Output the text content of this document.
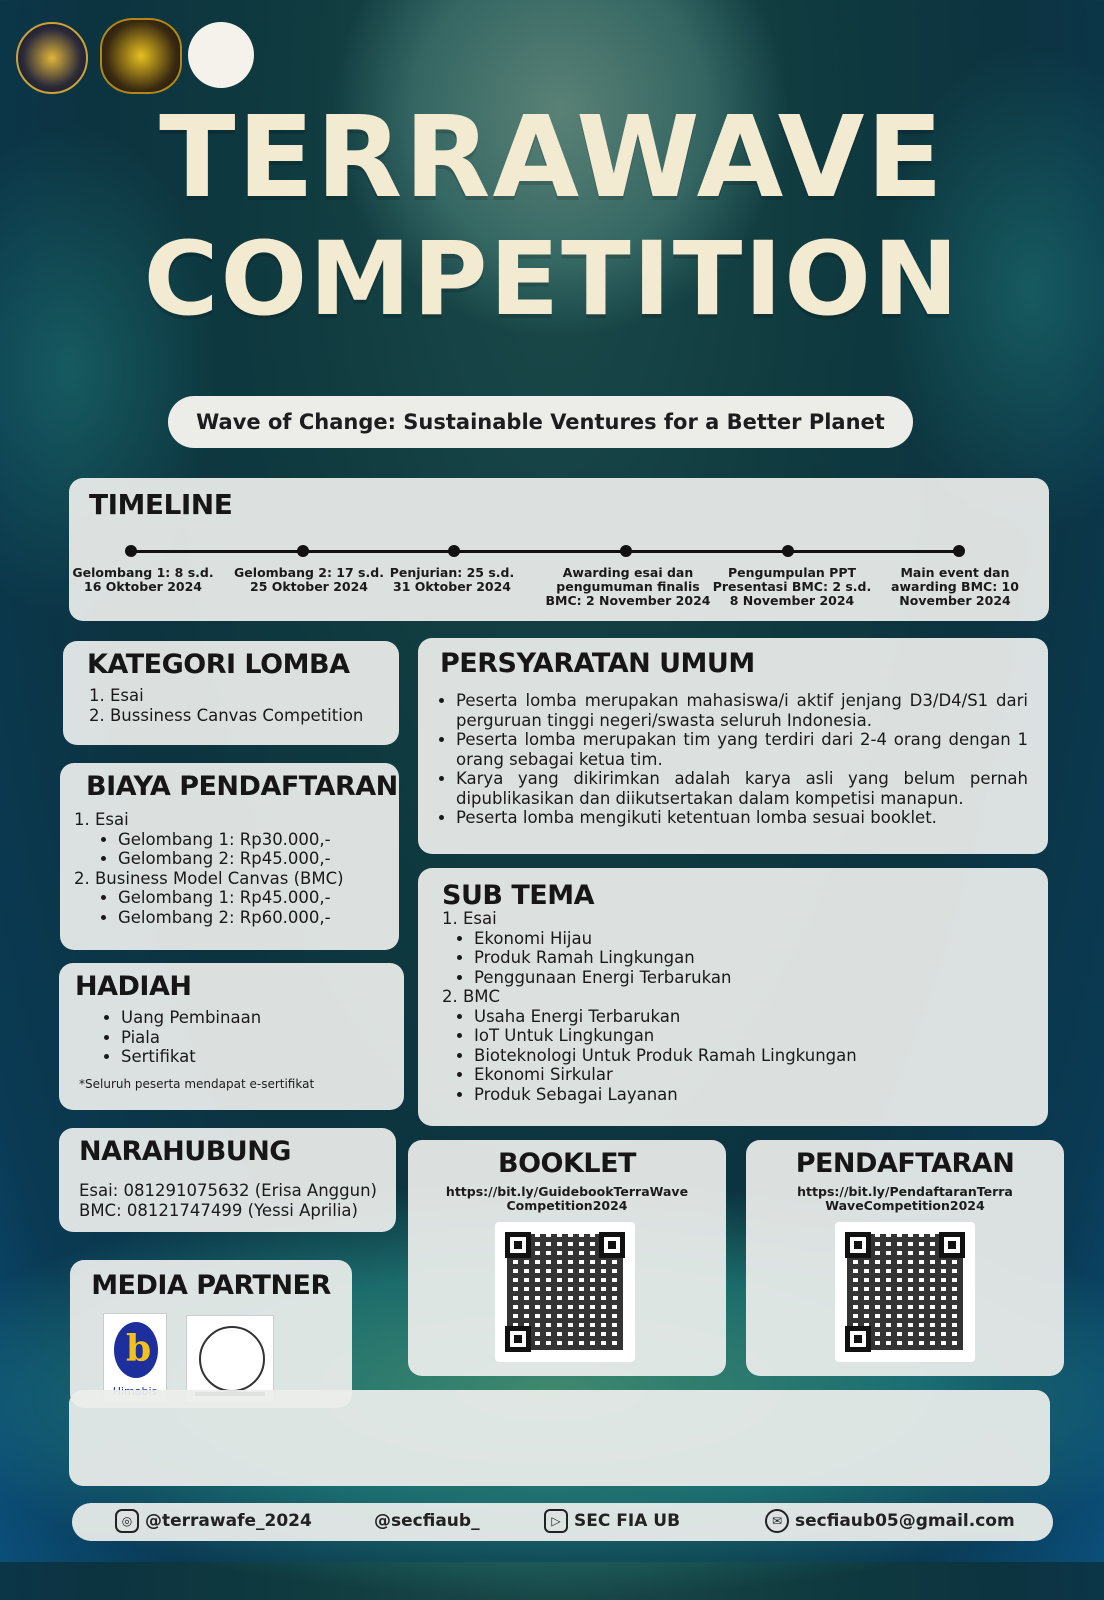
TERRAWAVE
COMPETITION
Wave of Change: Sustainable Ventures for a Better Planet
TIMELINE
Gelombang 1: 8 s.d. 16 Oktober 2024
Gelombang 2: 17 s.d. 25 Oktober 2024
Penjurian: 25 s.d. 31 Oktober 2024
Awarding esai dan pengumuman finalis BMC: 2 November 2024
Pengumpulan PPT Presentasi BMC: 2 s.d. 8 November 2024
Main event dan awarding BMC: 10 November 2024
KATEGORI LOMBA
1. Esai
2. Bussiness Canvas Competition
PERSYARATAN UMUM
• Peserta lomba merupakan mahasiswa/i aktif jenjang D3/D4/S1 dari perguruan tinggi negeri/swasta seluruh Indonesia.
• Peserta lomba merupakan tim yang terdiri dari 2-4 orang dengan 1 orang sebagai ketua tim.
• Karya yang dikirimkan adalah karya asli yang belum pernah dipublikasikan dan diikutsertakan dalam kompetisi manapun.
• Peserta lomba mengikuti ketentuan lomba sesuai booklet.
BIAYA PENDAFTARAN
1. Esai
• Gelombang 1: Rp30.000,-
• Gelombang 2: Rp45.000,-
2. Business Model Canvas (BMC)
• Gelombang 1: Rp45.000,-
• Gelombang 2: Rp60.000,-
SUB TEMA
1. Esai
• Ekonomi Hijau
• Produk Ramah Lingkungan
• Penggunaan Energi Terbarukan
2. BMC
• Usaha Energi Terbarukan
• IoT Untuk Lingkungan
• Bioteknologi Untuk Produk Ramah Lingkungan
• Ekonomi Sirkular
• Produk Sebagai Layanan
HADIAH
• Uang Pembinaan
• Piala
• Sertifikat
*Seluruh peserta mendapat e-sertifikat
NARAHUBUNG
Esai: 081291075632 (Erisa Anggun)
BMC: 08121747499 (Yessi Aprilia)
BOOKLET
https://bit.ly/GuidebookTerraWave Competition2024
PENDAFTARAN
https://bit.ly/PendaftaranTerra WaveCompetition2024
MEDIA PARTNER
b
◎ @terrawafe_2024	@secfiaub_	▷ SEC FIA UB	✉ secfiaub05@gmail.com
